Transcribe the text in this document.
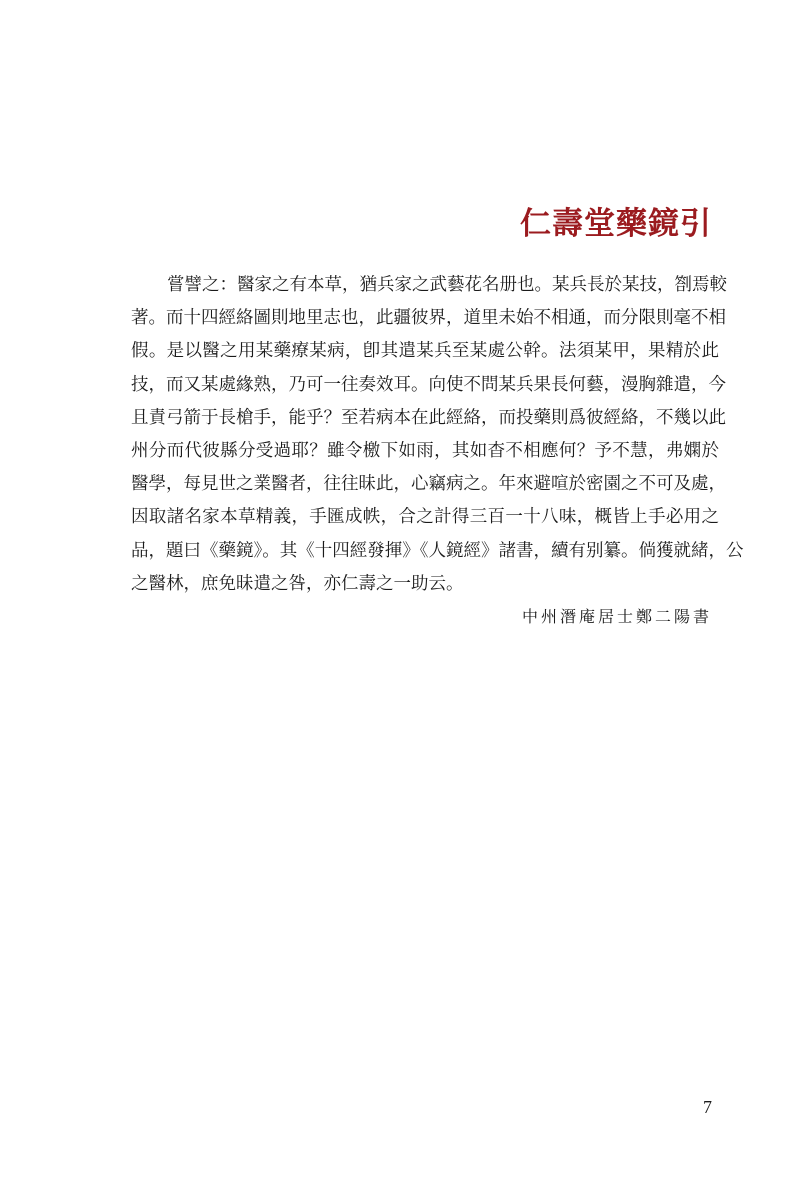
仁壽堂藥鏡引
嘗譬之：醫家之有本草，猶兵家之武藝花名册也。某兵長於某技，劄焉較
著。而十四經絡圖則地里志也，此疆彼界，道里未始不相通，而分限則毫不相
假。是以醫之用某藥療某病，卽其遣某兵至某處公幹。法須某甲，果精於此
技，而又某處緣熟，乃可一往奏效耳。向使不問某兵果長何藝，漫胸雜遣，今
且責弓箭于長槍手，能乎？至若病本在此經絡，而投藥則爲彼經絡，不幾以此
州分而代彼縣分受過耶？雖令檄下如雨，其如杳不相應何？予不慧，弗嫻於
醫學，每見世之業醫者，往往昧此，心竊病之。年來避喧於密園之不可及處，
因取諸名家本草精義，手匯成帙，合之計得三百一十八味，概皆上手必用之
品，題曰《藥鏡》。其《十四經發揮》《人鏡經》諸書，續有别纂。倘獲就緒，公
之醫林，庶免昧遣之咎，亦仁壽之一助云。
中州潛庵居士鄭二陽書
7
